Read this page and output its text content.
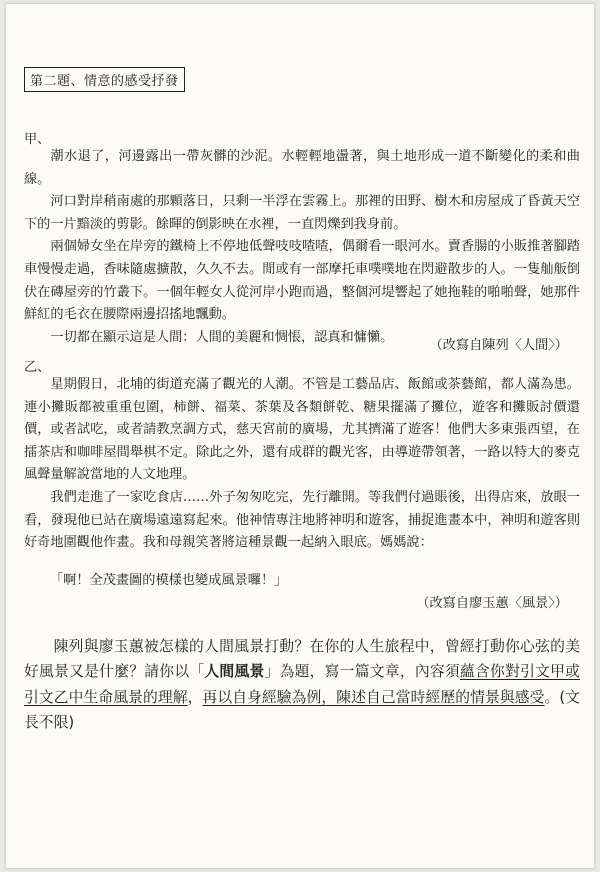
第二題、情意的感受抒發
甲、

潮水退了，河邊露出一帶灰髒的沙泥。水輕輕地盪著，與土地形成一道不斷變化的柔和曲線。

河口對岸稍南處的那顆落日，只剩一半浮在雲霧上。那裡的田野、樹木和房屋成了昏黃天空下的一片黯淡的剪影。餘暉的倒影映在水裡，一直閃爍到我身前。

兩個婦女坐在岸旁的鐵椅上不停地低聲吱吱喳喳，偶爾看一眼河水。賣香腸的小販推著腳踏車慢慢走過，香味隨處擴散，久久不去。閒或有一部摩托車噗噗地在閃避散步的人。一隻舢舨倒伏在磚屋旁的竹叢下。一個年輕女人從河岸小跑而過，整個河堤響起了她拖鞋的啪啪聲，她那件鮮紅的毛衣在腰際兩邊招搖地飄動。

一切都在顯示這是人間：人間的美麗和惆悵，認真和慵懶。

（改寫自陳列〈人間〉）
乙、

星期假日，北埔的街道充滿了觀光的人潮。不管是工藝品店、飯館或茶藝館，都人滿為患。連小攤販都被重重包圍，柿餅、福菜、茶葉及各類餅乾、糖果擺滿了攤位，遊客和攤販討價還價，或者試吃，或者請教烹調方式，慈天宮前的廣場，尤其擠滿了遊客！他們大多東張西望，在擂茶店和咖啡屋間舉棋不定。除此之外，還有成群的觀光客，由導遊帶領著，一路以特大的麥克風聲量解說當地的人文地理。

我們走進了一家吃食店……外子匆匆吃完，先行離開。等我們付過賬後，出得店來，放眼一看，發現他已站在廣場遠遠寫起來。他神情專注地將神明和遊客，捕捉進畫本中，神明和遊客則好奇地圍觀他作畫。我和母親笑著將這種景觀一起納入眼底。媽媽說：

「啊！全茂畫圖的模樣也變成風景囉！」
（改寫自廖玉蕙〈風景〉）

陳列與廖玉蕙被怎樣的人間風景打動？在你的人生旅程中，曾經打動你心弦的美好風景又是什麼？請你以「人間風景」為題，寫一篇文章，內容須蘊含你對引文甲或引文乙中生命風景的理解，再以自身經驗為例，陳述自己當時經歷的情景與感受。(文長不限)
